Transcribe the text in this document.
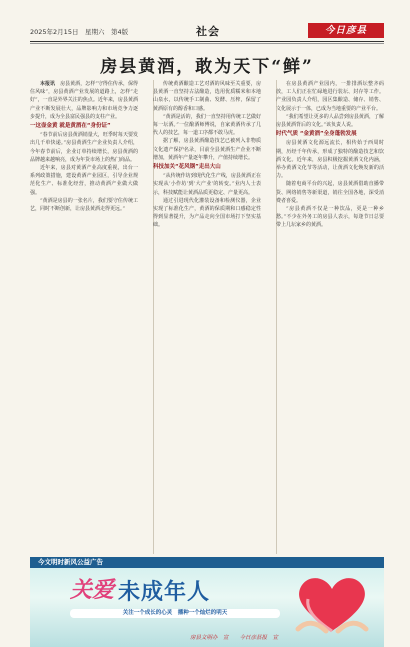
2025年2月15日　星期六　第4版	社会	今日彦县
房县黄酒，敢为天下“鲜”

本报讯　 房县黄酒，怎样“守得住传承，保得住风味”，房县黄酒产业发展的道路上，怎样“走好”，一直是外界关注的焦点。近年来，房县黄酒产业不断发展壮大，品牌影响力和市场竞争力逐步提升，成为全县富民强县的支柱产业。

一这壶金黄 就是黄酒在“身份证”

“春节前后房县黄酒销量大，旺季时每天要发出几千单快递。”房县黄酒生产企业负责人介绍，今年春节前后，企业订单持续增长，房县黄酒的品牌越来越响亮，成为年货市场上的热门商品。

近年来，房县对黄酒产业高度重视，出台一系列政策措施，建设黄酒产业园区，引导企业规范化生产、标准化经营，推动黄酒产业做大做强。

“黄酒是房县的一张名片，我们要守住传统工艺，同时不断创新，让房县黄酒走得更远。”

传统黄酒酿造工艺对酒的风味至关重要，房县黄酒一直坚持古法酿造，选用优质糯米和本地山泉水，以传统手工制曲、发酵、压榨，保留了黄酒原有的醇香和口感。

“黄酒是活的，我们一直坚持用传统工艺做好每一坛酒。”一位酿酒师傅说，自家黄酒传承了几代人的技艺，每一道工序都不敢马虎。

据了解，房县黄酒酿造技艺已被列入非物质文化遗产保护名录，目前全县黄酒生产企业不断增加，黄酒年产量逐年攀升，产值持续增长。

科技加关“花风钢”走出大山

“从传统作坊到现代化生产线，房县黄酒正在实现从‘小作坊’到‘大产业’的转变。”业内人士表示，科技赋能让黄酒品质更稳定、产量更高。

通过引进现代化灌装设备和检测仪器，企业实现了标准化生产，黄酒的保质期和口感稳定性得到显著提升，为产品走向全国市场打下坚实基础。

在房县黄酒产业园内，一排排酒坛整齐码放，工人们正在忙碌地进行装坛、封存等工作。产业园负责人介绍，园区集酿造、储存、销售、文化展示于一体，已成为当地重要的产业平台。

“我们希望让更多的人品尝到房县黄酒，了解房县黄酒背后的文化。”该负责人说。

时代气质 “金黄酒”全身蓬勃发展

房县黄酒文化源远流长，相传始于西周时期，历经千年传承，形成了独特的酿造技艺和饮酒文化。近年来，房县积极挖掘黄酒文化内涵，举办黄酒文化节等活动，让黄酒文化焕发新的活力。

随着电商平台的兴起，房县黄酒借助直播带货、网络销售等新渠道，销往全国各地，深受消费者喜爱。

“房县黄酒不仅是一种饮品，更是一种乡愁。”不少在外务工的房县人表示，每逢节日总要带上几坛家乡的黄酒。

今文明时新风公益广告
关爱 未成年人
关注一个成长的心灵　播种一个灿烂的明天
房县文明办　宣　　今日彦县报　宣
